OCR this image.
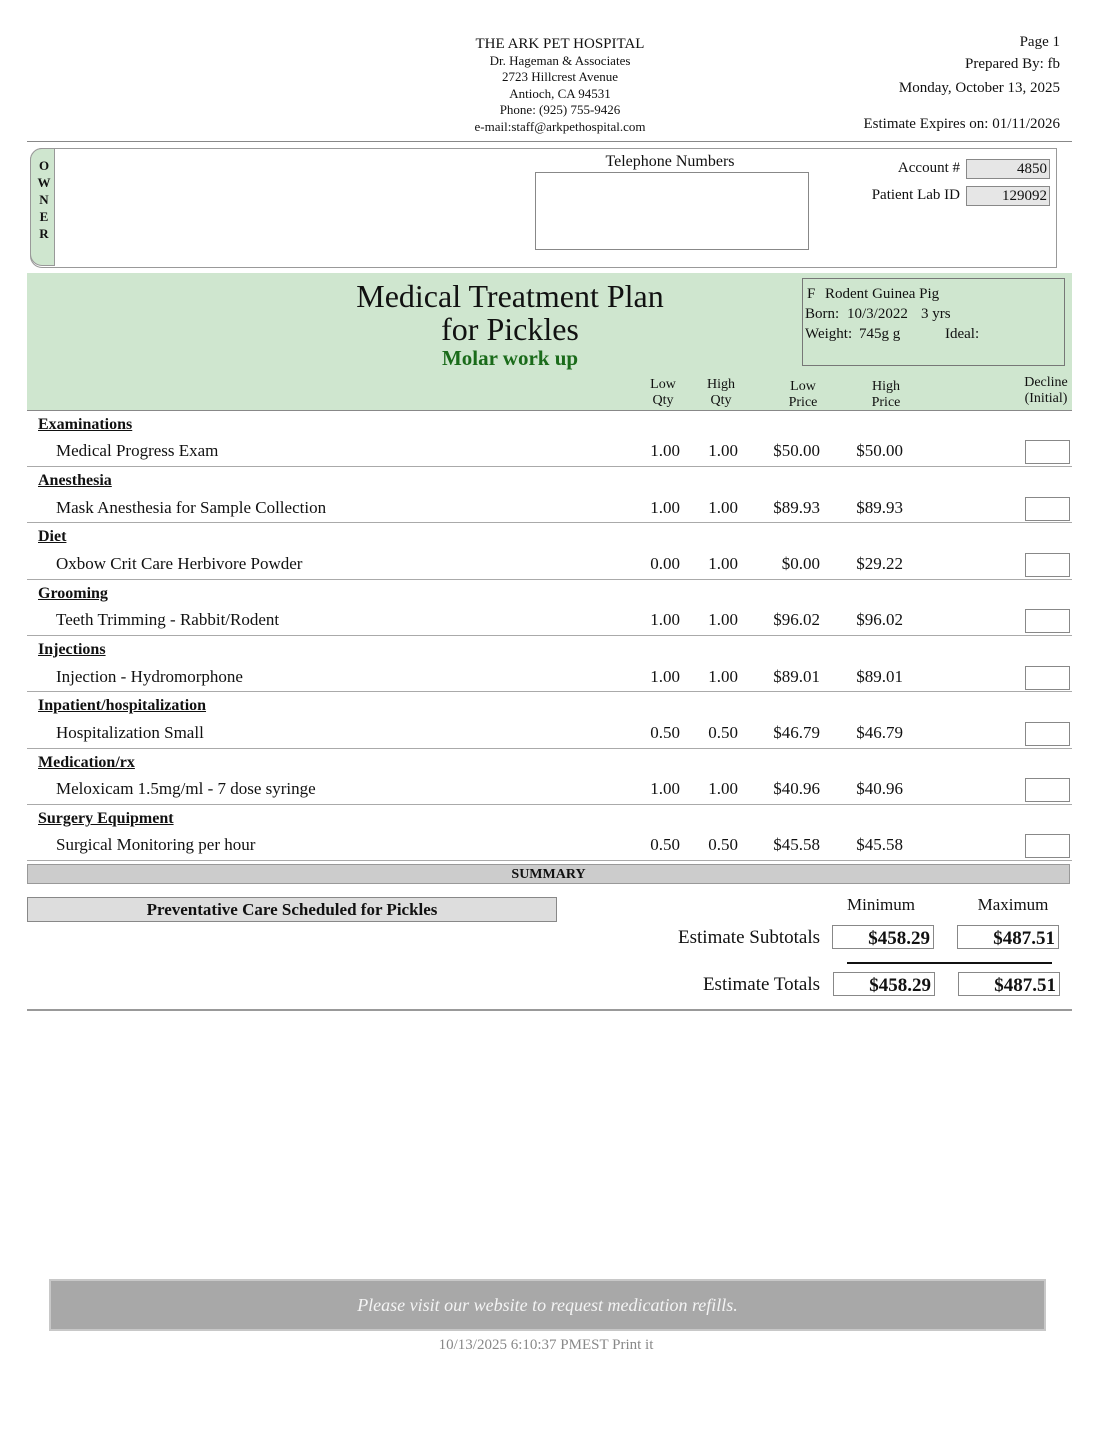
THE ARK PET HOSPITAL
Dr. Hageman & Associates
2723 Hillcrest Avenue
Antioch, CA 94531
Phone: (925) 755-9426
e-mail:staff@arkpethospital.com
Page 1
Prepared By: fb
Monday, October 13, 2025
Estimate Expires on: 01/11/2026
O
W
N
E
R
Telephone Numbers	Account #	4850
Patient Lab ID	129092
Medical Treatment Plan
for Pickles
Molar work up
F Rodent Guinea Pig
Born: 10/3/2022 3 yrs
Weight: 745g g	Ideal:
Low
Qty
High
Qty
Low
Price
High
Price
Decline
(Initial)
Examinations
Medical Progress Exam	1.00	1.00	$50.00	$50.00
Anesthesia
Mask Anesthesia for Sample Collection	1.00	1.00	$89.93	$89.93
Diet
Oxbow Crit Care Herbivore Powder	0.00	1.00	$0.00	$29.22
Grooming
Teeth Trimming - Rabbit/Rodent	1.00	1.00	$96.02	$96.02
Injections
Injection - Hydromorphone	1.00	1.00	$89.01	$89.01
Inpatient/hospitalization
Hospitalization Small	0.50	0.50	$46.79	$46.79
Medication/rx
Meloxicam 1.5mg/ml - 7 dose syringe	1.00	1.00	$40.96	$40.96
Surgery Equipment
Surgical Monitoring per hour	0.50	0.50	$45.58	$45.58
SUMMARY
Preventative Care Scheduled for Pickles	Minimum	Maximum
Estimate Subtotals	$458.29	$487.51
Estimate Totals	$458.29	$487.51
Please visit our website to request medication refills.
10/13/2025 6:10:37 PMEST Print it
